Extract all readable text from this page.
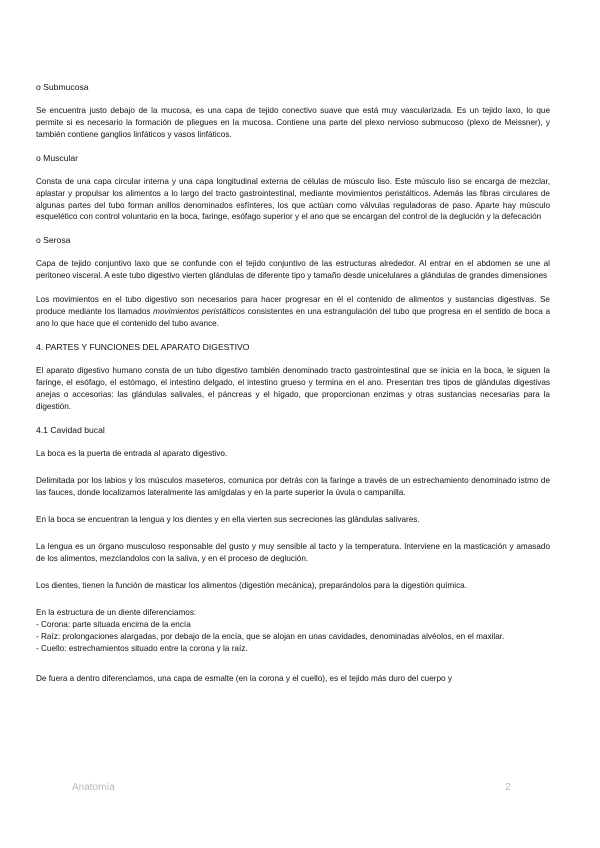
o Submucosa

Se encuentra justo debajo de la mucosa, es una capa de tejido conectivo suave que está muy vascularizada. Es un tejido laxo, lo que permite si es necesario la formación de pliegues en la mucosa. Contiene una parte del plexo nervioso submucoso (plexo de Meissner), y también contiene ganglios linfáticos y vasos linfáticos.

o Muscular

Consta de una capa circular interna y una capa longitudinal externa de células de músculo liso. Este músculo liso se encarga de mezclar, aplastar y propulsar los alimentos a lo largo del tracto gastrointestinal, mediante movimientos peristálticos. Además las fibras circulares de algunas partes del tubo forman anillos denominados esfínteres, los que actúan como válvulas reguladoras de paso. Aparte hay músculo esquelético con control voluntario en la boca, faringe, esófago superior y el ano que se encargan del control de la deglución y la defecación

o Serosa

Capa de tejido conjuntivo laxo que se confunde con el tejido conjuntivo de las estructuras alrededor. Al entrar en el abdomen se une al peritoneo visceral. A este tubo digestivo vierten glándulas de diferente tipo y tamaño desde unicelulares a glándulas de grandes dimensiones

Los movimientos en el tubo digestivo son necesarios para hacer progresar en él el contenido de alimentos y sustancias digestivas. Se produce mediante los llamados movimientos peristálticos consistentes en una estrangulación del tubo que progresa en el sentido de boca a ano lo que hace que el contenido del tubo avance.

4. PARTES Y FUNCIONES DEL APARATO DIGESTIVO

El aparato digestivo humano consta de un tubo digestivo también denominado tracto gastrointestinal que se inicia en la boca, le siguen la faringe, el esófago, el estómago, el intestino delgado, el intestino grueso y termina en el ano. Presentan tres tipos de glándulas digestivas anejas o accesorias: las glándulas salivales, el páncreas y el hígado, que proporcionan enzimas y otras sustancias necesarias para la digestión.

4.1 Cavidad bucal

La boca es la puerta de entrada al aparato digestivo.

Delimitada por los labios y los músculos maseteros, comunica por detrás con la faringe a través de un estrechamiento denominado istmo de las fauces, donde localizamos lateralmente las amígdalas y en la parte superior la úvula o campanilla.

En la boca se encuentran la lengua y los dientes y en ella vierten sus secreciones las glándulas salivares.

La lengua es un órgano musculoso responsable del gusto y muy sensible al tacto y la temperatura. Interviene en la masticación y amasado de los alimentos, mezclandolos con la saliva, y en el proceso de deglución.

Los dientes, tienen la función de masticar los alimentos (digestión mecánica), preparándolos para la digestión química.

En la estructura de un diente diferenciamos:

- Corona: parte situada encima de la encía

- Raíz: prolongaciones alargadas, por debajo de la encía, que se alojan en unas cavidades, denominadas alvéolos, en el maxilar.

- Cuello: estrechamientos situado entre la corona y la raíz.

De fuera a dentro diferenciamos, una capa de esmalte (en la corona y el cuello), es el tejido más duro del cuerpo y

Anatomía	2
